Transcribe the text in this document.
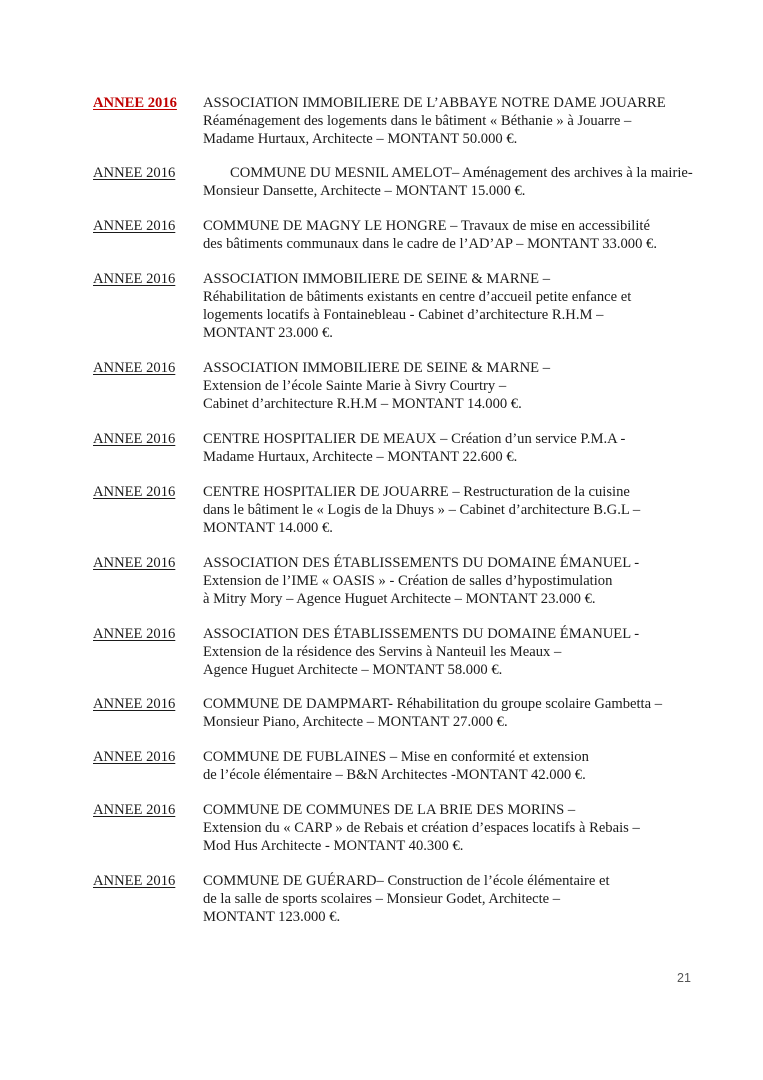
ANNEE 2016 ASSOCIATION IMMOBILIERE DE L’ABBAYE NOTRE DAME JOUARRE
Réaménagement des logements dans le bâtiment « Béthanie » à Jouarre –
Madame Hurtaux, Architecte – MONTANT 50.000 €.
ANNEE 2016	COMMUNE DU MESNIL AMELOT– Aménagement des archives à la mairie-
Monsieur Dansette, Architecte – MONTANT 15.000 €.
ANNEE 2016 COMMUNE DE MAGNY LE HONGRE – Travaux de mise en accessibilité
des bâtiments communaux dans le cadre de l’AD’AP – MONTANT 33.000 €.
ANNEE 2016 ASSOCIATION IMMOBILIERE DE SEINE & MARNE –
Réhabilitation de bâtiments existants en centre d’accueil petite enfance et
logements locatifs à Fontainebleau - Cabinet d’architecture R.H.M –
MONTANT 23.000 €.
ANNEE 2016 ASSOCIATION IMMOBILIERE DE SEINE & MARNE –
Extension de l’école Sainte Marie à Sivry Courtry –
Cabinet d’architecture R.H.M – MONTANT 14.000 €.
ANNEE 2016 CENTRE HOSPITALIER DE MEAUX – Création d’un service P.M.A -
Madame Hurtaux, Architecte – MONTANT 22.600 €.
ANNEE 2016 CENTRE HOSPITALIER DE JOUARRE – Restructuration de la cuisine
dans le bâtiment le « Logis de la Dhuys » – Cabinet d’architecture B.G.L –
MONTANT 14.000 €.
ANNEE 2016 ASSOCIATION DES ÉTABLISSEMENTS DU DOMAINE ÉMANUEL -
Extension de l’IME « OASIS » - Création de salles d’hypostimulation
à Mitry Mory – Agence Huguet Architecte – MONTANT 23.000 €.
ANNEE 2016 ASSOCIATION DES ÉTABLISSEMENTS DU DOMAINE ÉMANUEL -
Extension de la résidence des Servins à Nanteuil les Meaux –
Agence Huguet Architecte – MONTANT 58.000 €.
ANNEE 2016 COMMUNE DE DAMPMART- Réhabilitation du groupe scolaire Gambetta –
Monsieur Piano, Architecte – MONTANT 27.000 €.
ANNEE 2016 COMMUNE DE FUBLAINES – Mise en conformité et extension
de l’école élémentaire – B&N Architectes -MONTANT 42.000 €.
ANNEE 2016 COMMUNE DE COMMUNES DE LA BRIE DES MORINS –
Extension du « CARP » de Rebais et création d’espaces locatifs à Rebais –
Mod Hus Architecte - MONTANT 40.300 €.
ANNEE 2016 COMMUNE DE GUÉRARD– Construction de l’école élémentaire et
de la salle de sports scolaires – Monsieur Godet, Architecte –
MONTANT 123.000 €.
21
